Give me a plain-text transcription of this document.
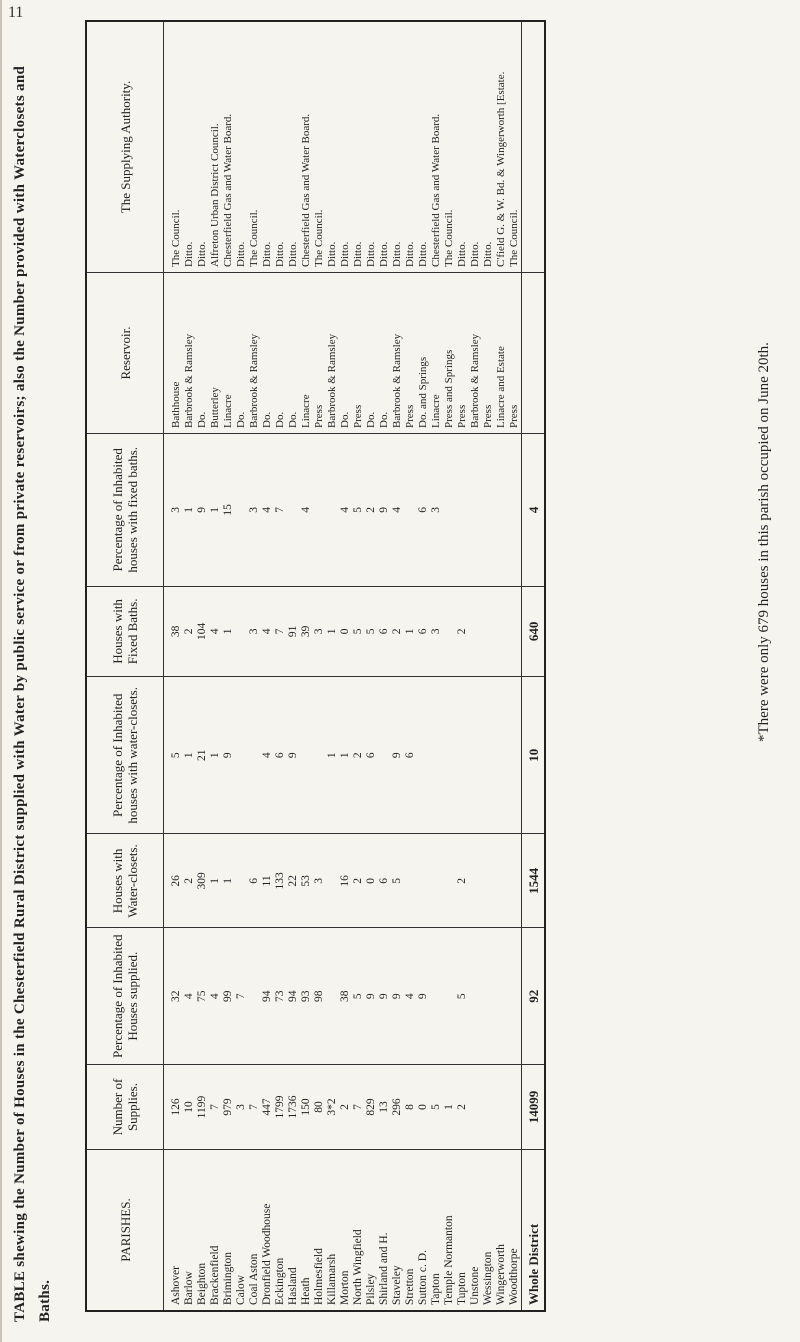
11
TABLE shewing the Number of Houses in the Chesterfield Rural District supplied with Water by public service or from private reservoirs; also the Number provided with Waterclosets and Baths.
PARISHES.	Number of Supplies.	Percentage of Inhabited Houses supplied.	Houses with Water-closets.	Percentage of Inhabited houses with water-closets.	Houses with Fixed Baths.	Percentage of Inhabited houses with fixed baths.	Reservoir.	The Supplying Authority.
Ashover	126	32	26	5	38	3	Bathhouse	The Council.
Barlow	10	4	2	1	2	1	Barbrook & Ramsley	Ditto.
Beighton	1199	75	309	21	104	9	Do.	Ditto.
Brackenfield	7	4	1	1	4	1	Butterley	Alfreton Urban District Council.
Brimington	979	99	1	9	1	15	Linacre	Chesterfield Gas and Water Board.
Calow	3	7					Do.	Ditto.
Coal Aston	7		6		3	3	Barbrook & Ramsley	The Council.
Dronfield Woodhouse	447	94	11	4	4	4	Do.	Ditto.
Eckington	1799	73	133	6	7	7	Do.	Ditto.
Hasland	1736	94	22	9	91		Do.	Ditto.
Heath	150	93	53		39	4	Linacre	Chesterfield Gas and Water Board.
Holmesfield	80	98	3		3		Press	The Council.
Killamarsh	3*2			1	1		Barbrook & Ramsley	Ditto.
Morton	2	38	16	1	0	4	Do.	Ditto.
North Wingfield	7	5	2	2	5	5	Press	Ditto.
Pilsley	829	9	0	6	5	2	Do.	Ditto.
Shirland and H.	13	9	6		6	9	Do.	Ditto.
Staveley	296	9	5	9	2	4	Barbrook & Ramsley	Ditto.
Stretton	8	4		6	1		Press	Ditto.
Sutton c. D.	0	9			6	6	Do. and Springs	Ditto.
Tapton	5				3	3	Linacre	Chesterfield Gas and Water Board.
Temple Normanton	1						Press and Springs	The Council.
Tupton	2	5	2		2		Press	Ditto.
Unstone							Barbrook & Ramsley	Ditto.
Wessington							Press	Ditto.
Wingerworth							Linacre and Estate	C'field G. & W. Bd. & Wingerworth [Estate.
Woodthorpe							Press	The Council.
Whole District	14099	92	1544	10	640	4			*There were only 679 houses in this parish occupied on June 20th.
